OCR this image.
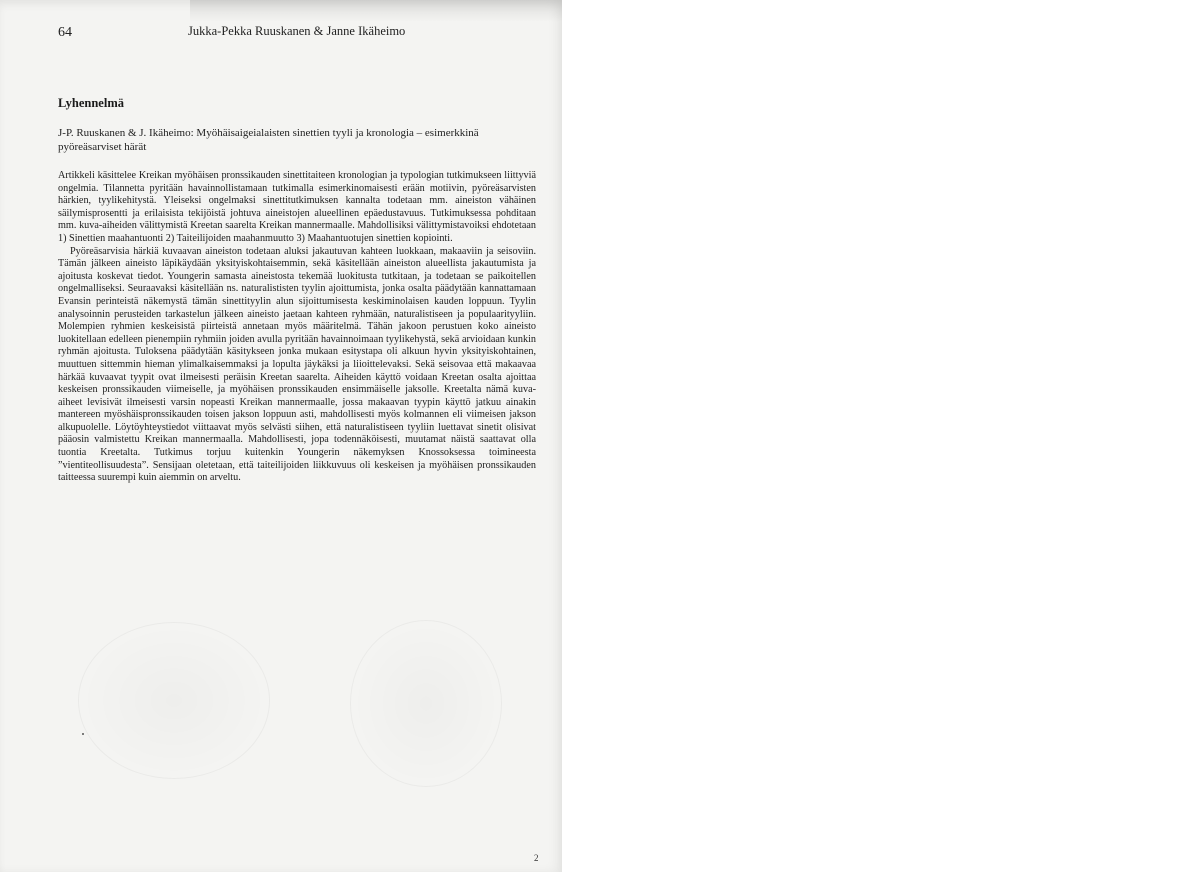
64	Jukka-Pekka Ruuskanen & Janne Ikäheimo
Lyhennelmä
J-P. Ruuskanen & J. Ikäheimo: Myöhäisaigeialaisten sinettien tyyli ja kronologia – esimerkkinä pyöreäsarviset härät

Artikkeli käsittelee Kreikan myöhäisen pronssikauden sinettitaiteen kronologian ja typologian tutkimukseen liittyviä ongelmia. Tilannetta pyritään havainnollistamaan tutkimalla esimerkinomaisesti erään motiivin, pyöreäsarvisten härkien, tyylikehitystä. Yleiseksi ongelmaksi sinettitutkimuksen kannalta todetaan mm. aineiston vähäinen säilymisprosentti ja erilaisista tekijöistä johtuva aineistojen alueellinen epäedustavuus. Tutkimuksessa pohditaan mm. kuva-aiheiden välittymistä Kreetan saarelta Kreikan mannermaalle. Mahdollisiksi välittymistavoiksi ehdotetaan 1) Sinettien maahantuonti 2) Taiteilijoiden maahanmuutto 3) Maahantuotujen sinettien kopiointi.

Pyöreäsarvisia härkiä kuvaavan aineiston todetaan aluksi jakautuvan kahteen luokkaan, makaaviin ja seisoviin. Tämän jälkeen aineisto läpikäydään yksityiskohtaisemmin, sekä käsitellään aineiston alueellista jakautumista ja ajoitusta koskevat tiedot. Youngerin samasta aineistosta tekemää luokitusta tutkitaan, ja todetaan se paikoitellen ongelmalliseksi. Seuraavaksi käsitellään ns. naturalististen tyylin ajoittumista, jonka osalta päädytään kannattamaan Evansin perinteistä näkemystä tämän sinettityylin alun sijoittumisesta keskiminolaisen kauden loppuun. Tyylin analysoinnin perusteiden tarkastelun jälkeen aineisto jaetaan kahteen ryhmään, naturalistiseen ja populaarityyliin. Molempien ryhmien keskeisistä piirteistä annetaan myös määritelmä. Tähän jakoon perustuen koko aineisto luokitellaan edelleen pienempiin ryhmiin joiden avulla pyritään havainnoimaan tyylikehystä, sekä arvioidaan kunkin ryhmän ajoitusta. Tuloksena päädytään käsitykseen jonka mukaan esitystapa oli alkuun hyvin yksityiskohtainen, muuttuen sittemmin hieman ylimalkaisemmaksi ja lopulta jäykäksi ja liioittelevaksi. Sekä seisovaa että makaavaa härkää kuvaavat tyypit ovat ilmeisesti peräisin Kreetan saarelta. Aiheiden käyttö voidaan Kreetan osalta ajoittaa keskeisen pronssikauden viimeiselle, ja myöhäisen pronssikauden ensimmäiselle jaksolle. Kreetalta nämä kuva-aiheet levisivät ilmeisesti varsin nopeasti Kreikan mannermaalle, jossa makaavan tyypin käyttö jatkuu ainakin mantereen myöshäispronssikauden toisen jakson loppuun asti, mahdollisesti myös kolmannen eli viimeisen jakson alkupuolelle. Löytöyhteystiedot viittaavat myös selvästi siihen, että naturalistiseen tyyliin luettavat sinetit olisivat pääosin valmistettu Kreikan mannermaalla. Mahdollisesti, jopa todennäköisesti, muutamat näistä saattavat olla tuontia Kreetalta. Tutkimus torjuu kuitenkin Youngerin näkemyksen Knossoksessa toimineesta ”vientiteollisuudesta”. Sensijaan oletetaan, että taiteilijoiden liikkuvuus oli keskeisen ja myöhäisen pronssikauden taitteessa suurempi kuin aiemmin on arveltu.

2
